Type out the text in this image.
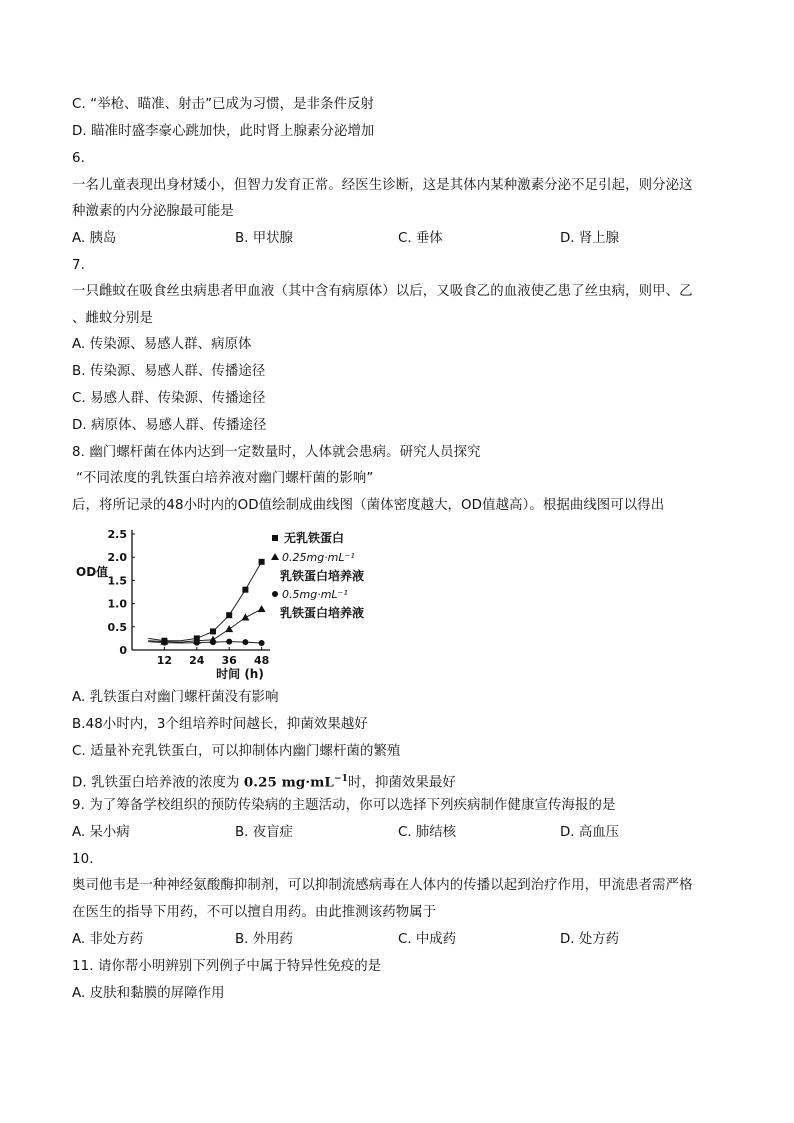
C. “举枪、瞄准、射击”已成为习惯，是非条件反射
D. 瞄准时盛李豪心跳加快，此时肾上腺素分泌增加
6.
一名儿童表现出身材矮小，但智力发育正常。经医生诊断，这是其体内某种激素分泌不足引起，则分泌这
种激素的内分泌腺最可能是
A. 胰岛	B. 甲状腺	C. 垂体	D. 肾上腺
7.
一只雌蚊在吸食丝虫病患者甲血液（其中含有病原体）以后，又吸食乙的血液使乙患了丝虫病，则甲、乙
、雌蚊分别是
A. 传染源、易感人群、病原体
B. 传染源、易感人群、传播途径
C. 易感人群、传染源、传播途径
D. 病原体、易感人群、传播途径
8. 幽门螺杆菌在体内达到一定数量时，人体就会患病。研究人员探究
“不同浓度的乳铁蛋白培养液对幽门螺杆菌的影响”
后，将所记录的48小时内的OD值绘制成曲线图（菌体密度越大，OD值越高）。根据曲线图可以得出
0
0.5
1.0
1.5
2.0
2.5
12 24 36 48
OD值
时间 (h)
无乳铁蛋白
0.25mg·mL⁻¹
乳铁蛋白培养液
0.5mg·mL⁻¹
乳铁蛋白培养液
A. 乳铁蛋白对幽门螺杆菌没有影响
B.48小时内，3个组培养时间越长，抑菌效果越好
C. 适量补充乳铁蛋白，可以抑制体内幽门螺杆菌的繁殖
D. 乳铁蛋白培养液的浓度为 0.25 $mg\cdot mL^{-1}$时，抑菌效果最好
9. 为了筹备学校组织的预防传染病的主题活动，你可以选择下列疾病制作健康宣传海报的是
A. 呆小病	B. 夜盲症	C. 肺结核	D. 高血压
10.
奥司他韦是一种神经氨酸酶抑制剂，可以抑制流感病毒在人体内的传播以起到治疗作用，甲流患者需严格
在医生的指导下用药，不可以擅自用药。由此推测该药物属于
A. 非处方药	B. 外用药	C. 中成药	D. 处方药
11. 请你帮小明辨别下列例子中属于特异性免疫的是
A. 皮肤和黏膜的屏障作用
